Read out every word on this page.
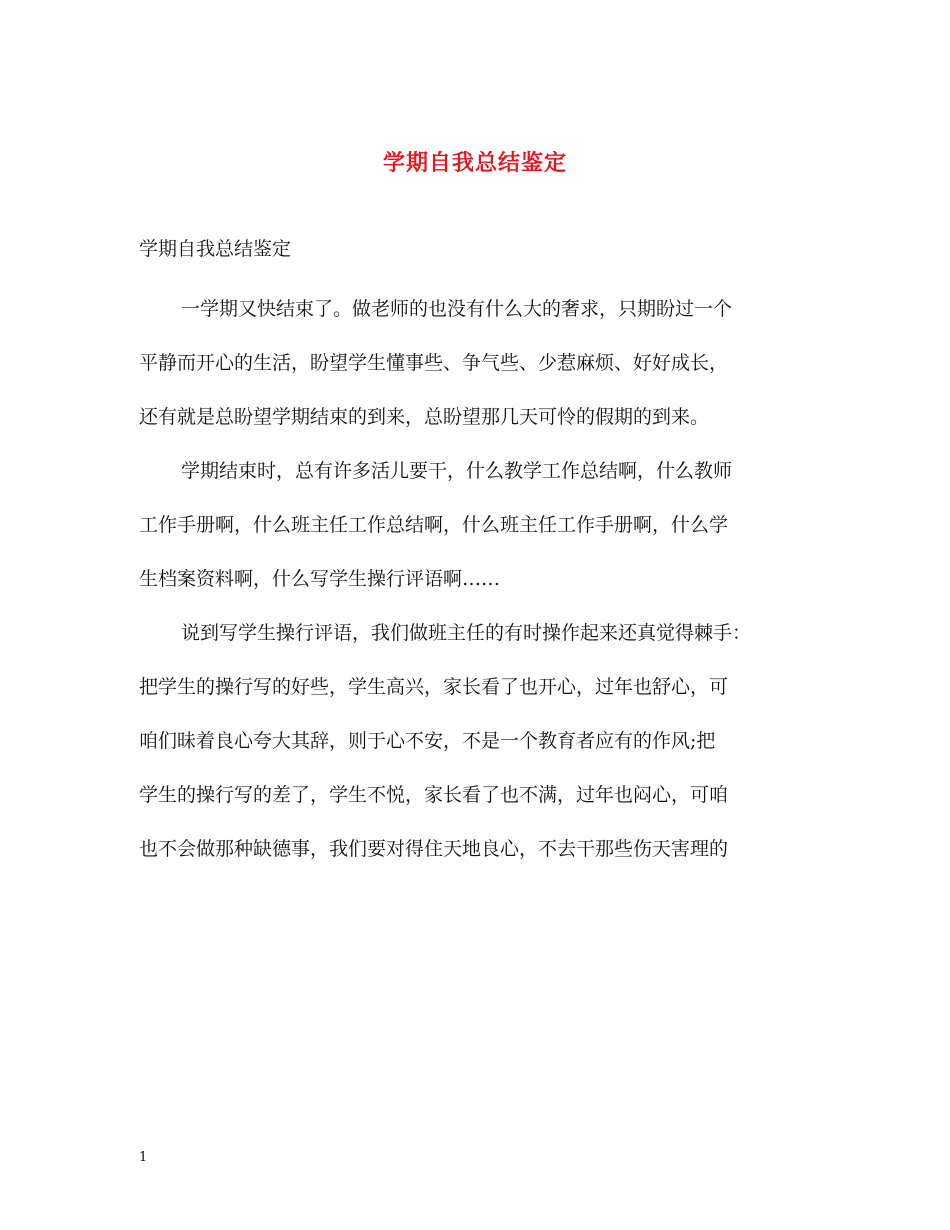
学期自我总结鉴定

学期自我总结鉴定

一学期又快结束了。做老师的也没有什么大的奢求，只期盼过一个
平静而开心的生活，盼望学生懂事些、争气些、少惹麻烦、好好成长，
还有就是总盼望学期结束的到来，总盼望那几天可怜的假期的到来。

学期结束时，总有许多活儿要干，什么教学工作总结啊，什么教师
工作手册啊，什么班主任工作总结啊，什么班主任工作手册啊，什么学
生档案资料啊，什么写学生操行评语啊……

说到写学生操行评语，我们做班主任的有时操作起来还真觉得棘手：
把学生的操行写的好些，学生高兴，家长看了也开心，过年也舒心，可
咱们昧着良心夸大其辞，则于心不安，不是一个教育者应有的作风;把
学生的操行写的差了，学生不悦，家长看了也不满，过年也闷心，可咱
也不会做那种缺德事，我们要对得住天地良心，不去干那些伤天害理的

1
